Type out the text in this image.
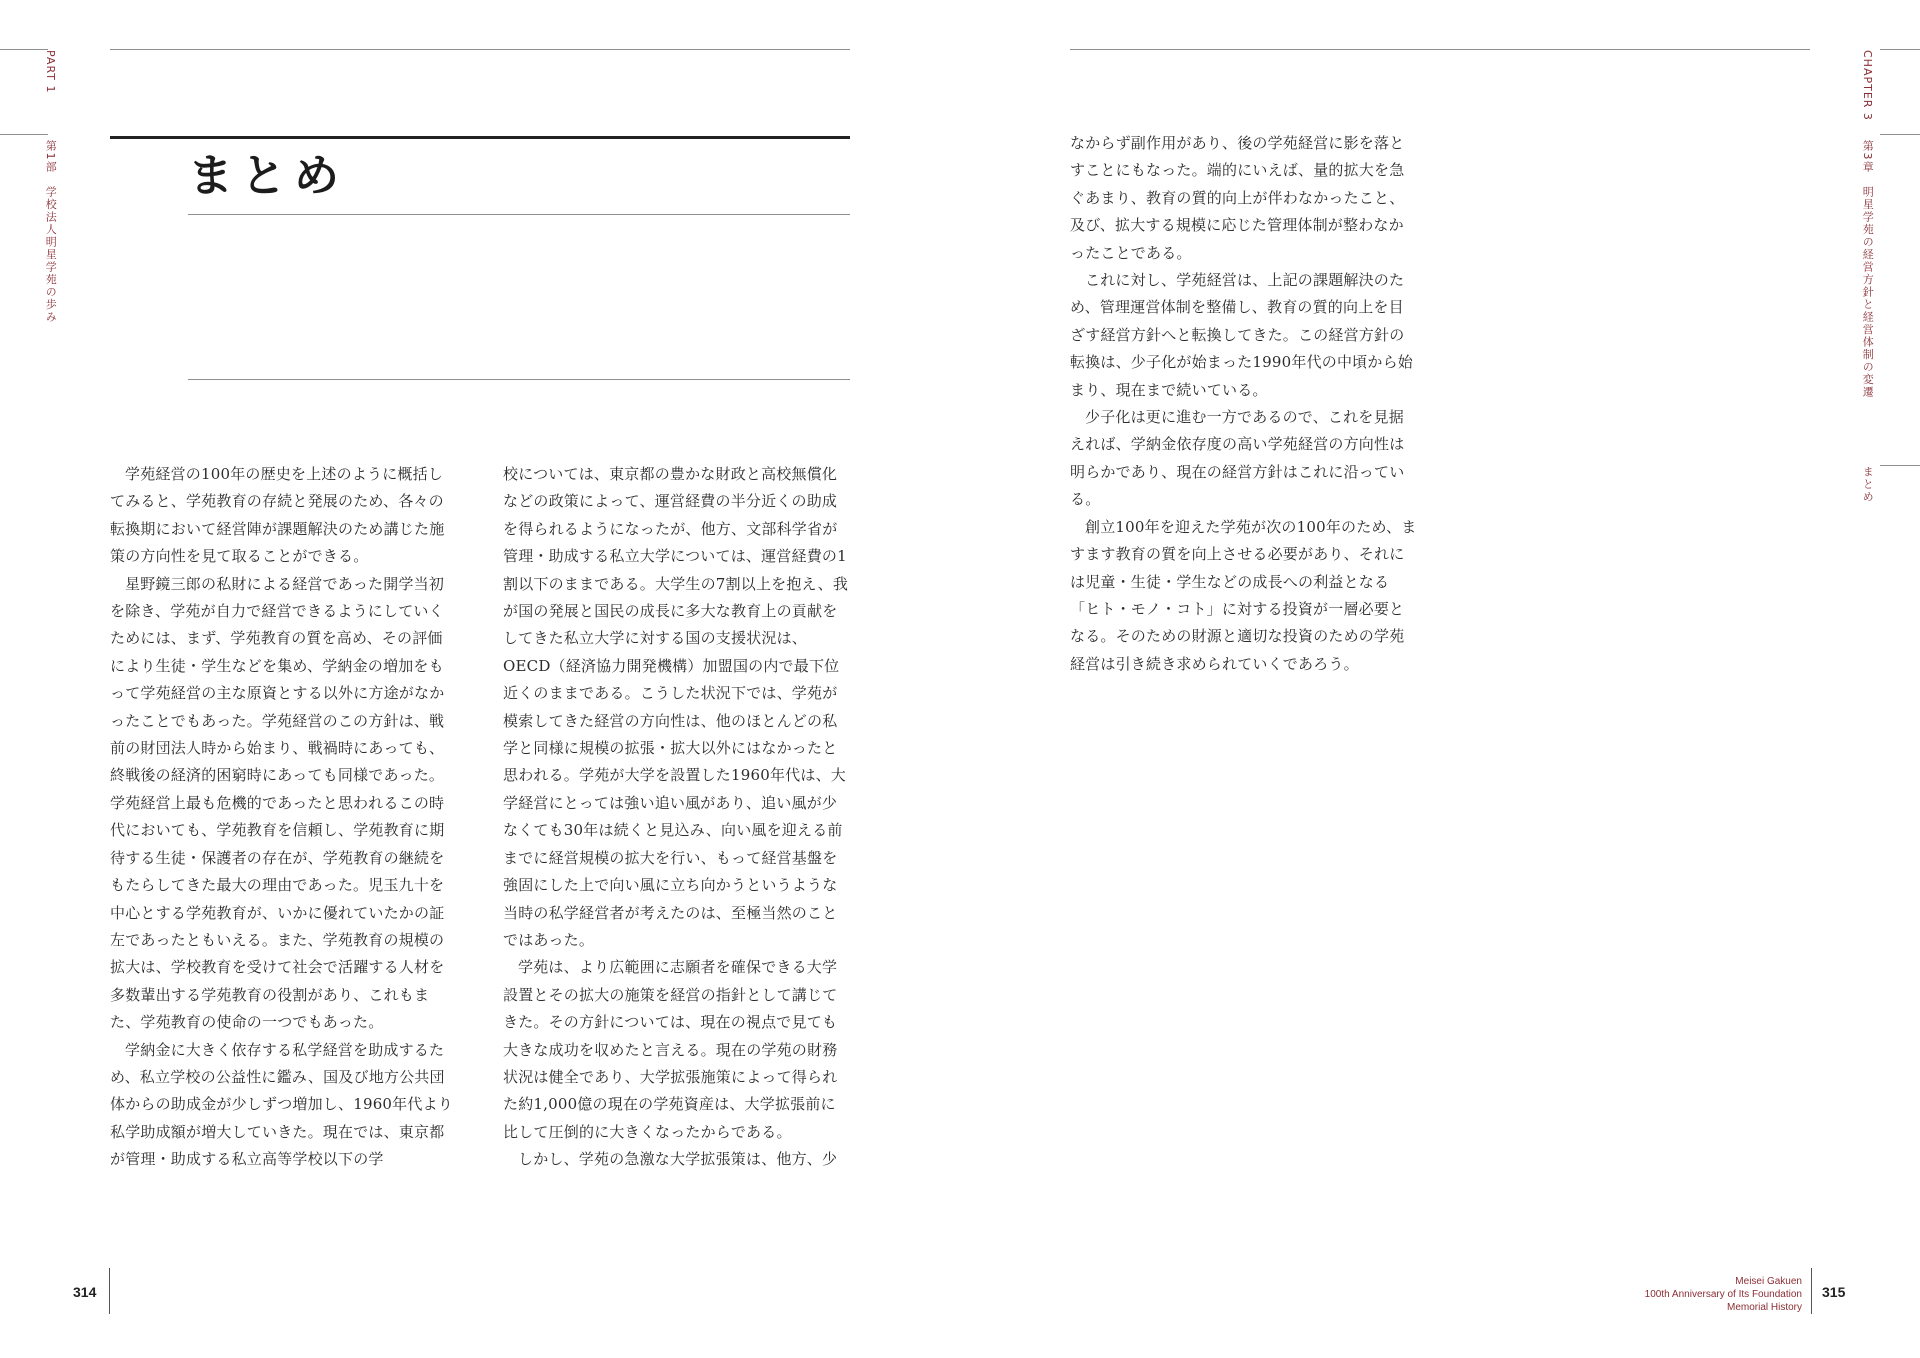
PART 1
第1部　学校法人明星学苑の歩み	まとめ

学苑経営の100年の歴史を上述のように概括してみると、学苑教育の存続と発展のため、各々の転換期において経営陣が課題解決のため講じた施策の方向性を見て取ることができる。

星野鏡三郎の私財による経営であった開学当初を除き、学苑が自力で経営できるようにしていくためには、まず、学苑教育の質を高め、その評価により生徒・学生などを集め、学納金の増加をもって学苑経営の主な原資とする以外に方途がなかったことでもあった。学苑経営のこの方針は、戦前の財団法人時から始まり、戦禍時にあっても、終戦後の経済的困窮時にあっても同様であった。学苑経営上最も危機的であったと思われるこの時代においても、学苑教育を信頼し、学苑教育に期待する生徒・保護者の存在が、学苑教育の継続をもたらしてきた最大の理由であった。児玉九十を中心とする学苑教育が、いかに優れていたかの証左であったともいえる。また、学苑教育の規模の拡大は、学校教育を受けて社会で活躍する人材を多数輩出する学苑教育の役割があり、これもまた、学苑教育の使命の一つでもあった。

学納金に大きく依存する私学経営を助成するため、私立学校の公益性に鑑み、国及び地方公共団体からの助成金が少しずつ増加し、1960年代より私学助成額が増大していきた。現在では、東京都が管理・助成する私立高等学校以下の学

校については、東京都の豊かな財政と高校無償化などの政策によって、運営経費の半分近くの助成を得られるようになったが、他方、文部科学省が管理・助成する私立大学については、運営経費の1割以下のままである。大学生の7割以上を抱え、我が国の発展と国民の成長に多大な教育上の貢献をしてきた私立大学に対する国の支援状況は、OECD（経済協力開発機構）加盟国の内で最下位近くのままである。こうした状況下では、学苑が模索してきた経営の方向性は、他のほとんどの私学と同様に規模の拡張・拡大以外にはなかったと思われる。学苑が大学を設置した1960年代は、大学経営にとっては強い追い風があり、追い風が少なくても30年は続くと見込み、向い風を迎える前までに経営規模の拡大を行い、もって経営基盤を強固にした上で向い風に立ち向かうというような当時の私学経営者が考えたのは、至極当然のことではあった。

学苑は、より広範囲に志願者を確保できる大学設置とその拡大の施策を経営の指針として講じてきた。その方針については、現在の視点で見ても大きな成功を収めたと言える。現在の学苑の財務状況は健全であり、大学拡張施策によって得られた約1,000億の現在の学苑資産は、大学拡張前に比して圧倒的に大きくなったからである。

しかし、学苑の急激な大学拡張策は、他方、少

314

なからず副作用があり、後の学苑経営に影を落とすことにもなった。端的にいえば、量的拡大を急ぐあまり、教育の質的向上が伴わなかったこと、及び、拡大する規模に応じた管理体制が整わなかったことである。

これに対し、学苑経営は、上記の課題解決のため、管理運営体制を整備し、教育の質的向上を目ざす経営方針へと転換してきた。この経営方針の転換は、少子化が始まった1990年代の中頃から始まり、現在まで続いている。

少子化は更に進む一方であるので、これを見据えれば、学納金依存度の高い学苑経営の方向性は明らかであり、現在の経営方針はこれに沿っている。

創立100年を迎えた学苑が次の100年のため、ますます教育の質を向上させる必要があり、それには児童・生徒・学生などの成長への利益となる「ヒト・モノ・コト」に対する投資が一層必要となる。そのための財源と適切な投資のための学苑経営は引き続き求められていくであろう。

CHAPTER 3
第3章　明星学苑の経営方針と経営体制の変遷
まとめ
Meisei Gakuen
100th Anniversary of Its Foundation
Memorial History
315
